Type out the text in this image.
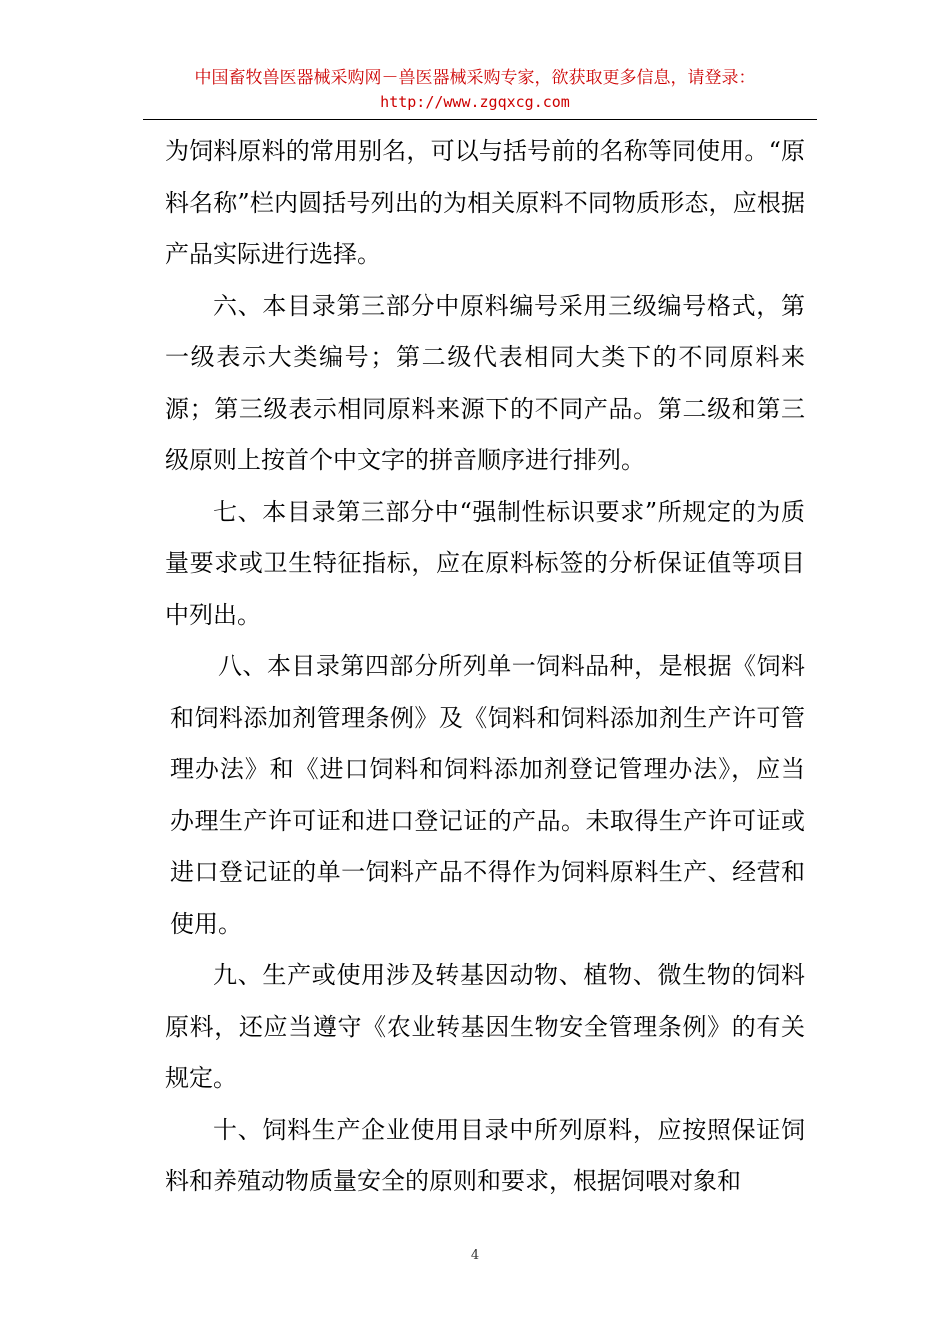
中国畜牧兽医器械采购网－兽医器械采购专家，欲获取更多信息，请登录：
http://www.zgqxcg.com

为饲料原料的常用别名，可以与括号前的名称等同使用。“原料名称”栏内圆括号列出的为相关原料不同物质形态，应根据产品实际进行选择。

六、本目录第三部分中原料编号采用三级编号格式，第一级表示大类编号；第二级代表相同大类下的不同原料来源；第三级表示相同原料来源下的不同产品。第二级和第三级原则上按首个中文字的拼音顺序进行排列。

七、本目录第三部分中“强制性标识要求”所规定的为质量要求或卫生特征指标，应在原料标签的分析保证值等项目中列出。

八、本目录第四部分所列单一饲料品种，是根据《饲料和饲料添加剂管理条例》及《饲料和饲料添加剂生产许可管理办法》和《进口饲料和饲料添加剂登记管理办法》，应当办理生产许可证和进口登记证的产品。未取得生产许可证或进口登记证的单一饲料产品不得作为饲料原料生产、经营和使用。

九、生产或使用涉及转基因动物、植物、微生物的饲料原料，还应当遵守《农业转基因生物安全管理条例》的有关规定。

十、饲料生产企业使用目录中所列原料，应按照保证饲料和养殖动物质量安全的原则和要求，根据饲喂对象和

4
